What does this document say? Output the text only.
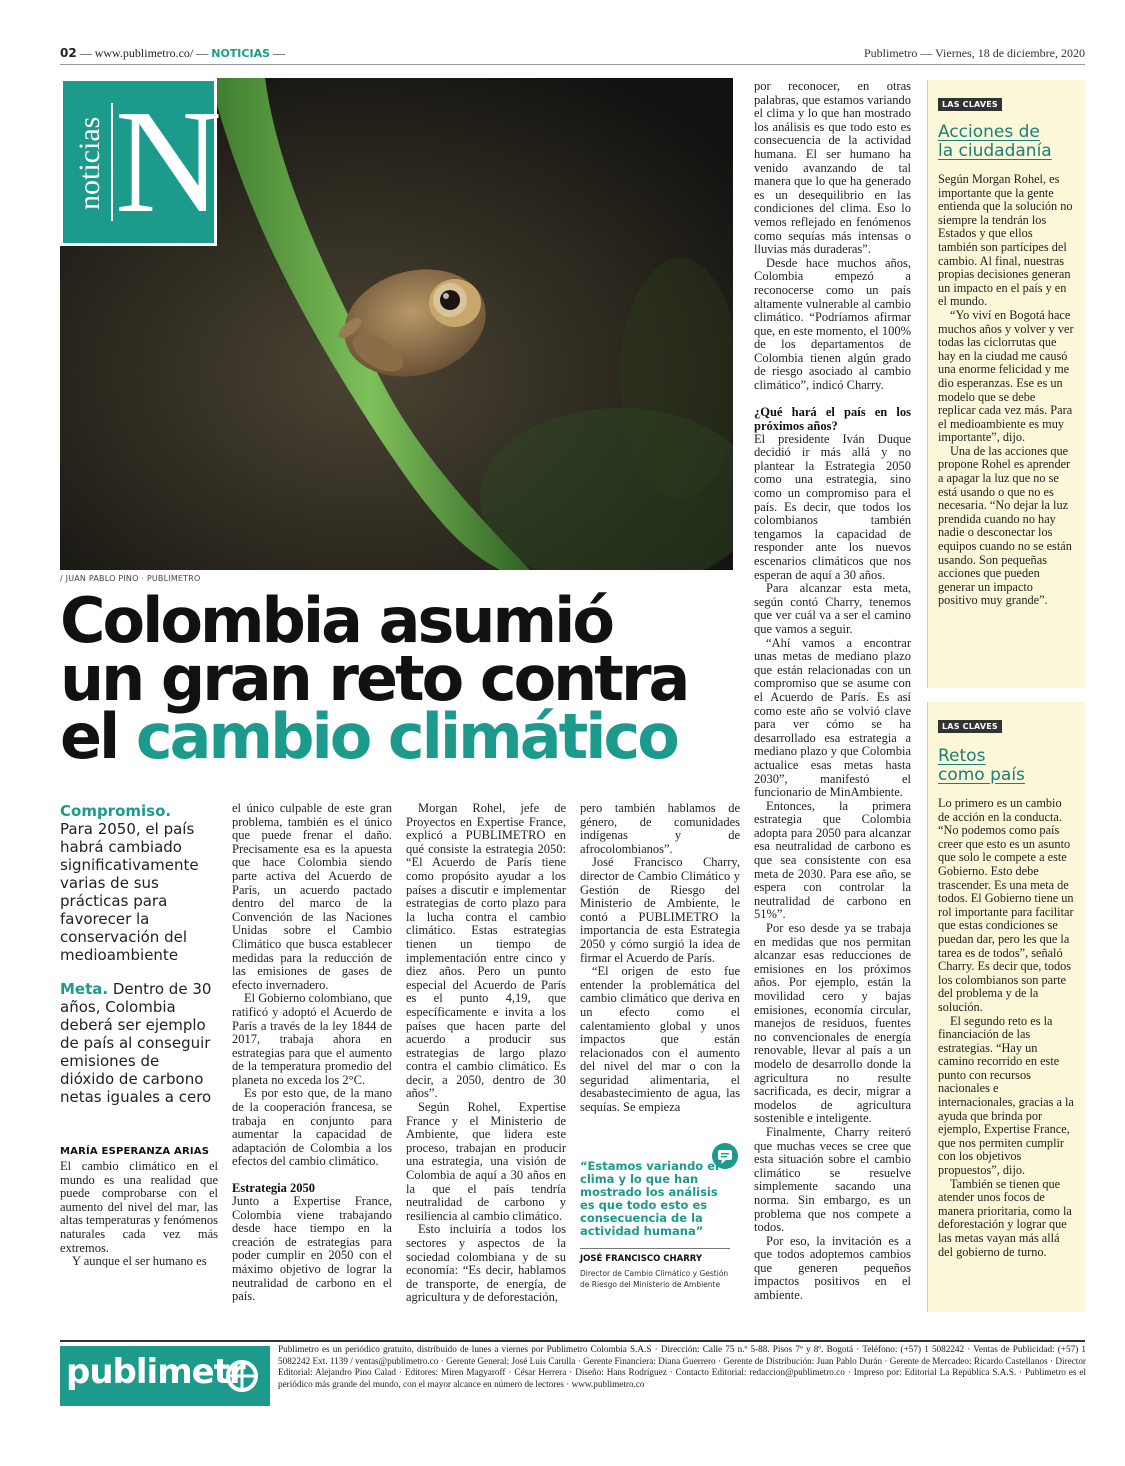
02 — www.publimetro.co/ — NOTICIAS —	Publimetro — Viernes, 18 de diciembre, 2020
/ JUAN PABLO PINO · PUBLIMETRO
noticias N
Colombia asumió
un gran reto contra
el cambio climático
Compromiso.
Para 2050, el país habrá cambiado significativamente varias de sus prácticas para favorecer la conservación del medioambiente
Meta. Dentro de 30 años, Colombia deberá ser ejemplo de país al conseguir emisiones de dióxido de carbono netas iguales a cero
MARÍA ESPERANZA ARIAS

El cambio climático en el mundo es una realidad que puede comprobarse con el aumento del nivel del mar, las altas temperaturas y fenómenos naturales cada vez más extremos.

Y aunque el ser humano es

el único culpable de este gran problema, también es el único que puede frenar el daño. Precisamente esa es la apuesta que hace Colombia siendo parte activa del Acuerdo de París, un acuerdo pactado dentro del marco de la Convención de las Naciones Unidas sobre el Cambio Climático que busca establecer medidas para la reducción de las emisiones de gases de efecto invernadero.

El Gobierno colombiano, que ratificó y adoptó el Acuerdo de París a través de la ley 1844 de 2017, trabaja ahora en estrategias para que el aumento de la temperatura promedio del planeta no exceda los 2°C.

Es por esto que, de la mano de la cooperación francesa, se trabaja en conjunto para aumentar la capacidad de adaptación de Colombia a los efectos del cambio climático.

Estrategia 2050

Junto a Expertise France, Colombia viene trabajando desde hace tiempo en la creación de estrategias para poder cumplir en 2050 con el máximo objetivo de lograr la neutralidad de carbono en el país.

Morgan Rohel, jefe de Proyectos en Expertise France, explicó a PUBLIMETRO en qué consiste la estrategia 2050: “El Acuerdo de París tiene como propósito ayudar a los países a discutir e implementar estrategias de corto plazo para la lucha contra el cambio climático. Estas estrategias tienen un tiempo de implementación entre cinco y diez años. Pero un punto especial del Acuerdo de París es el punto 4,19, que específicamente e invita a los países que hacen parte del acuerdo a producir sus estrategias de largo plazo contra el cambio climático. Es decir, a 2050, dentro de 30 años”.

Según Rohel, Expertise France y el Ministerio de Ambiente, que lidera este proceso, trabajan en producir una estrategia, una visión de Colombia de aquí a 30 años en la que el país tendría neutralidad de carbono y resiliencia al cambio climático.

Esto incluiría a todos los sectores y aspectos de la sociedad colombiana y de su economía: “Es decir, hablamos de transporte, de energía, de agricultura y de deforestación,

pero también hablamos de género, de comunidades indígenas y de afrocolombianos”.

José Francisco Charry, director de Cambio Climático y Gestión de Riesgo del Ministerio de Ambiente, le contó a PUBLIMETRO la importancia de esta Estrategia 2050 y cómo surgió la idea de firmar el Acuerdo de París.

“El origen de esto fue entender la problemática del cambio climático que deriva en un efecto como el calentamiento global y unos impactos que están relacionados con el aumento del nivel del mar o con la seguridad alimentaria, el desabastecimiento de agua, las sequías. Se empieza

“Estamos variando el clima y lo que han mostrado los análisis es que todo esto es consecuencia de la actividad humana”
JOSÉ FRANCISCO CHARRY
Director de Cambio Climático y Gestión de Riesgo del Ministerio de Ambiente

por reconocer, en otras palabras, que estamos variando el clima y lo que han mostrado los análisis es que todo esto es consecuencia de la actividad humana. El ser humano ha venido avanzando de tal manera que lo que ha generado es un desequilibrio en las condiciones del clima. Eso lo vemos reflejado en fenómenos como sequías más intensas o lluvias más duraderas”.

Desde hace muchos años, Colombia empezó a reconocerse como un país altamente vulnerable al cambio climático. “Podríamos afirmar que, en este momento, el 100% de los departamentos de Colombia tienen algún grado de riesgo asociado al cambio climático”, indicó Charry.

¿Qué hará el país en los próximos años?

El presidente Iván Duque decidió ir más allá y no plantear la Estrategia 2050 como una estrategia, sino como un compromiso para el país. Es decir, que todos los colombianos también tengamos la capacidad de responder ante los nuevos escenarios climáticos que nos esperan de aquí a 30 años.

Para alcanzar esta meta, según contó Charry, tenemos que ver cuál va a ser el camino que vamos a seguir.

“Ahí vamos a encontrar unas metas de mediano plazo que están relacionadas con un compromiso que se asume con el Acuerdo de París. Es así como este año se volvió clave para ver cómo se ha desarrollado esa estrategia a mediano plazo y que Colombia actualice esas metas hasta 2030”, manifestó el funcionario de MinAmbiente.

Entonces, la primera estrategia que Colombia adopta para 2050 para alcanzar esa neutralidad de carbono es que sea consistente con esa meta de 2030. Para ese año, se espera con controlar la neutralidad de carbono en 51%”.

Por eso desde ya se trabaja en medidas que nos permitan alcanzar esas reducciones de emisiones en los próximos años. Por ejemplo, están la movilidad cero y bajas emisiones, economía circular, manejos de residuos, fuentes no convencionales de energía renovable, llevar al país a un modelo de desarrollo donde la agricultura no resulte sacrificada, es decir, migrar a modelos de agricultura sostenible e inteligente.

Finalmente, Charry reiteró que muchas veces se cree que esta situación sobre el cambio climático se resuelve simplemente sacando una norma. Sin embargo, es un problema que nos compete a todos.

Por eso, la invitación es a que todos adoptemos cambios que generen pequeños impactos positivos en el ambiente.

LAS CLAVES
Acciones de
la ciudadanía

Según Morgan Rohel, es importante que la gente entienda que la solución no siempre la tendrán los Estados y que ellos también son partícipes del cambio. Al final, nuestras propias decisiones generan un impacto en el país y en el mundo.

“Yo viví en Bogotá hace muchos años y volver y ver todas las ciclorrutas que hay en la ciudad me causó una enorme felicidad y me dio esperanzas. Ese es un modelo que se debe replicar cada vez más. Para el medioambiente es muy importante”, dijo.

Una de las acciones que propone Rohel es aprender a apagar la luz que no se está usando o que no es necesaria. “No dejar la luz prendida cuando no hay nadie o desconectar los equipos cuando no se están usando. Son pequeñas acciones que pueden generar un impacto positivo muy grande”.

LAS CLAVES
Retos
como país

Lo primero es un cambio de acción en la conducta. “No podemos como país creer que esto es un asunto que solo le compete a este Gobierno. Esto debe trascender. Es una meta de todos. El Gobierno tiene un rol importante para facilitar que estas condiciones se puedan dar, pero les que la tarea es de todos”, señaló Charry. Es decir que, todos los colombianos son parte del problema y de la solución.

El segundo reto es la financiación de las estrategias. “Hay un camino recorrido en este punto con recursos nacionales e internacionales, gracias a la ayuda que brinda por ejemplo, Expertise France, que nos permiten cumplir con los objetivos propuestos”, dijo.

También se tienen que atender unos focos de manera prioritaria, como la deforestación y lograr que las metas vayan más allá del gobierno de turno.

publimetr
Publimetro es un periódico gratuito, distribuido de lunes a viernes por Publimetro Colombia S.A.S · Dirección: Calle 75 n.º 5-88. Pisos 7º y 8º. Bogotá · Teléfono: (+57) 1 5082242 · Ventas de Publicidad: (+57) 1 5082242 Ext. 1139 / ventas@publimetro.co · Gerente General: José Luis Carulla · Gerente Financiera: Diana Guerrero · Gerente de Distribución: Juan Pablo Durán · Gerente de Mercadeo: Ricardo Castellanos · Director Editorial: Alejandro Pino Calad · Editores: Miren Magyaroff · César Herrera · Diseño: Hans Rodríguez · Contacto Editorial: redaccion@publimetro.co · Impreso por: Editorial La República S.A.S. · Publimetro es el periódico más grande del mundo, con el mayor alcance en número de lectores · www.publimetro.co
